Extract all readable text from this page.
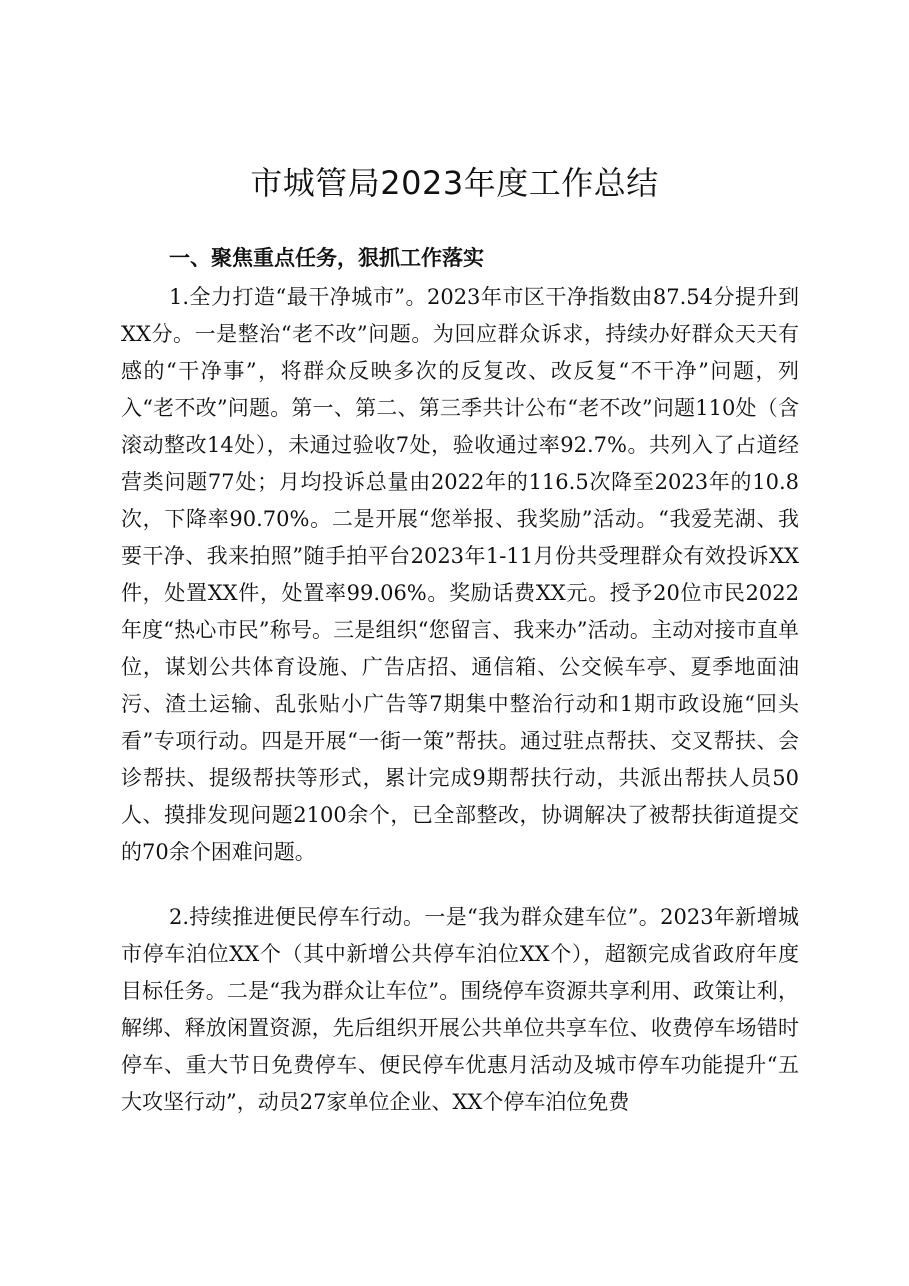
市城管局2023年度工作总结
一、聚焦重点任务，狠抓工作落实

1.全力打造“最干净城市”。2023年市区干净指数由87.54分提升到XX分。一是整治“老不改”问题。为回应群众诉求，持续办好群众天天有感的“干净事”，将群众反映多次的反复改、改反复“不干净”问题，列入“老不改”问题。第一、第二、第三季共计公布“老不改”问题110处（含滚动整改14处），未通过验收7处，验收通过率92.7%。共列入了占道经营类问题77处；月均投诉总量由2022年的116.5次降至2023年的10.8次，下降率90.70%。二是开展“您举报、我奖励”活动。“我爱芜湖、我要干净、我来拍照”随手拍平台2023年1-11月份共受理群众有效投诉XX件，处置XX件，处置率99.06%。奖励话费XX元。授予20位市民2022年度“热心市民”称号。三是组织“您留言、我来办”活动。主动对接市直单位，谋划公共体育设施、广告店招、通信箱、公交候车亭、夏季地面油污、渣土运输、乱张贴小广告等7期集中整治行动和1期市政设施“回头看”专项行动。四是开展“一街一策”帮扶。通过驻点帮扶、交叉帮扶、会诊帮扶、提级帮扶等形式，累计完成9期帮扶行动，共派出帮扶人员50人、摸排发现问题2100余个，已全部整改，协调解决了被帮扶街道提交的70余个困难问题。

2.持续推进便民停车行动。一是“我为群众建车位”。2023年新增城市停车泊位XX个（其中新增公共停车泊位XX个），超额完成省政府年度目标任务。二是“我为群众让车位”。围绕停车资源共享利用、政策让利，解绑、释放闲置资源，先后组织开展公共单位共享车位、收费停车场错时停车、重大节日免费停车、便民停车优惠月活动及城市停车功能提升“五大攻坚行动”，动员27家单位企业、XX个停车泊位免费
